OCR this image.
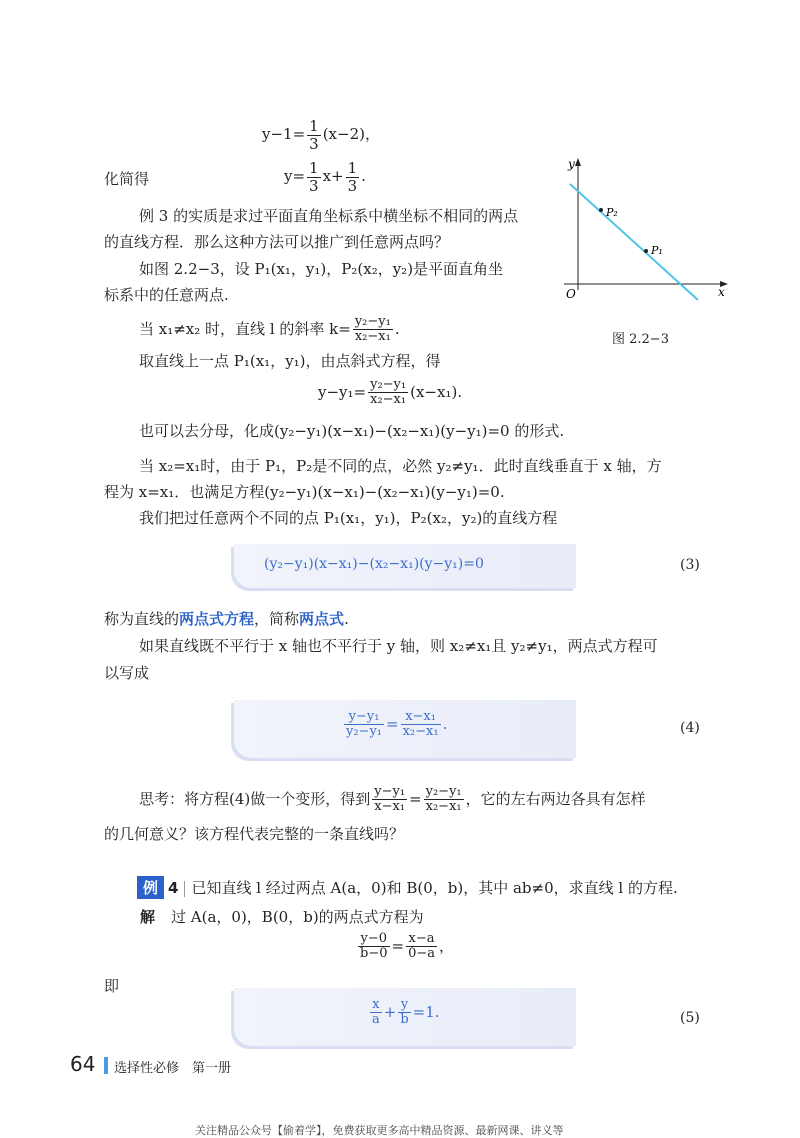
$y-1= \frac{1}{3} (x-2)$，
化简得	$y= \frac{1}{3} x+ \frac{1}{3}$ .
例 3 的实质是求过平面直角坐标系中横坐标不相同的两点
的直线方程．那么这种方法可以推广到任意两点吗？
如图 2.2−3，设 P₁(x₁，y₁)，P₂(x₂，y₂)是平面直角坐
标系中的任意两点.
当 x₁≠x₂ 时，直线 l 的斜率 $k= \frac{\text{y₂−y₁}}{\text{x₂−x₁}}$ .
取直线上一点 P₁(x₁，y₁)，由点斜式方程，得
$y-y_1= \frac{\text{y₂−y₁}}{\text{x₂−x₁}} (x-x_1)$.
也可以去分母，化成(y₂−y₁)(x−x₁)−(x₂−x₁)(y−y₁)=0 的形式.
当 x₂=x₁时，由于 P₁，P₂是不同的点，必然 y₂≠y₁．此时直线垂直于 x 轴，方
程为 x=x₁．也满足方程(y₂−y₁)(x−x₁)−(x₂−x₁)(y−y₁)=0.
我们把过任意两个不同的点 P₁(x₁，y₁)，P₂(x₂，y₂)的直线方程
(y₂−y₁)(x−x₁)−(x₂−x₁)(y−y₁)=0	(3)
称为直线的两点式方程，简称两点式.
如果直线既不平行于 x 轴也不平行于 y 轴，则 x₂≠x₁且 y₂≠y₁，两点式方程可
以写成
$\frac{\text{y−y₁}}{\text{y₂−y₁}} = \frac{\text{x−x₁}}{\text{x₂−x₁}}$ .	(4)
思考：将方程(4)做一个变形，得到 $\frac{\text{y−y₁}}{\text{x−x₁}} = \frac{\text{y₂−y₁}}{\text{x₂−x₁}}$ ，它的左右两边各具有怎样
的几何意义？该方程代表完整的一条直线吗？
例 4 已知直线 l 经过两点 A(a，0)和 B(0，b)，其中 ab≠0，求直线 l 的方程.
解 过 A(a，0)，B(0，b)的两点式方程为
$\frac{y-0}{b-0} = \frac{x-a}{0-a}$ ，
即
$\frac{x}{a} + \frac{y}{b} =1$.	(5)
y
x
O
P₂
P₁
图 2.2−3
64 选择性必修　第一册
关注精品公众号【偷着学】，免费获取更多高中精品资源、最新网课、讲义等
